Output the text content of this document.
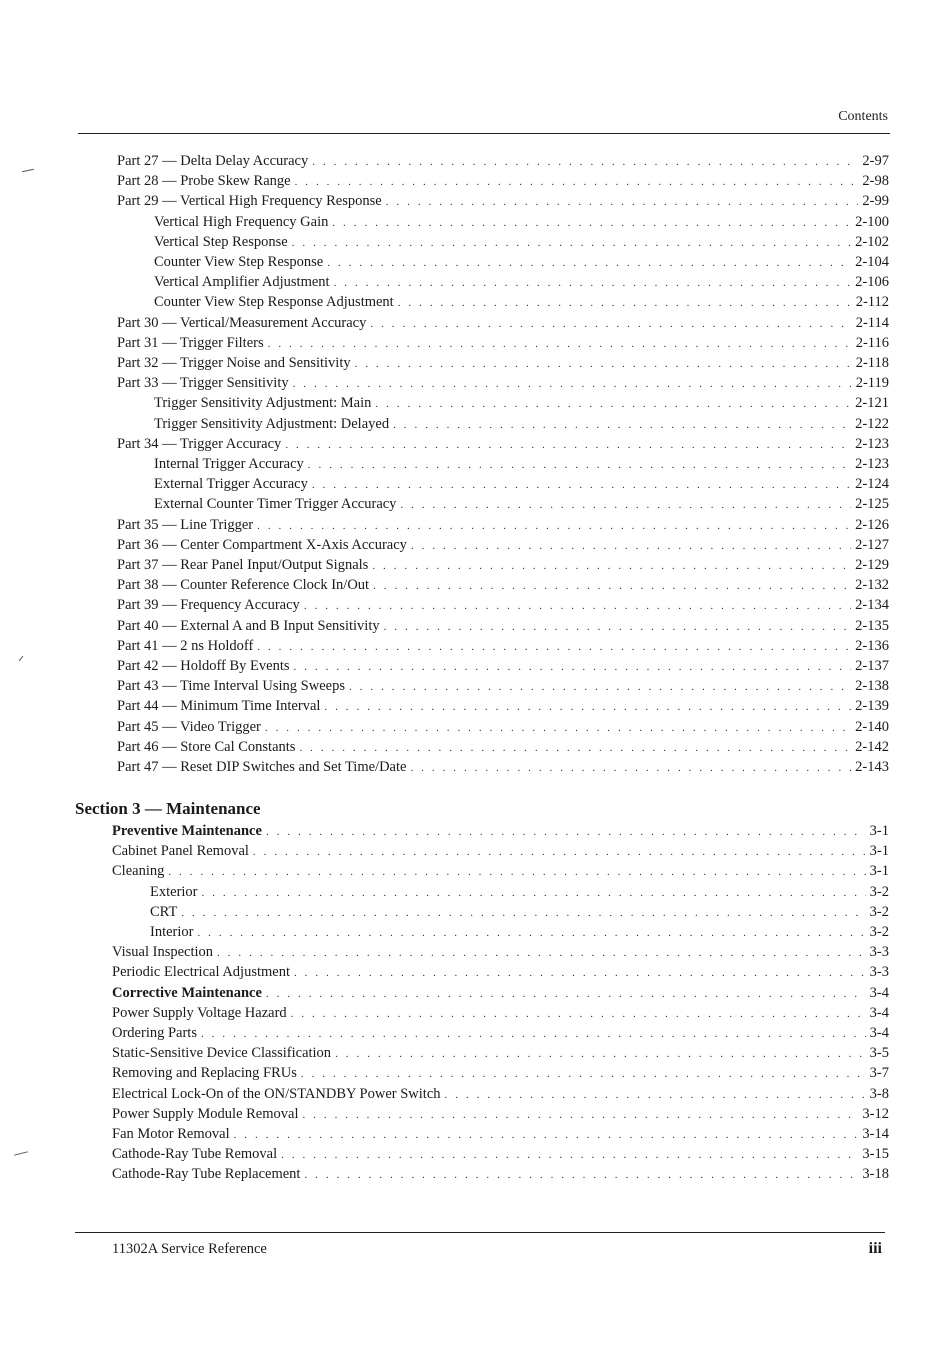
Contents
Part 27 — Delta Delay Accuracy . . .	2-97
Part 28 — Probe Skew Range . . .	2-98
Part 29 — Vertical High Frequency Response . . .	2-99
Vertical High Frequency Gain . . .	2-100
Vertical Step Response . . .	2-102
Counter View Step Response . . .	2-104
Vertical Amplifier Adjustment . . .	2-106
Counter View Step Response Adjustment . . .	2-112
Part 30 — Vertical/Measurement Accuracy . . .	2-114
Part 31 — Trigger Filters . . .	2-116
Part 32 — Trigger Noise and Sensitivity . . .	2-118
Part 33 — Trigger Sensitivity . . .	2-119
Trigger Sensitivity Adjustment: Main . . .	2-121
Trigger Sensitivity Adjustment: Delayed . . .	2-122
Part 34 — Trigger Accuracy . . .	2-123
Internal Trigger Accuracy . . .	2-123
External Trigger Accuracy . . .	2-124
External Counter Timer Trigger Accuracy . . .	2-125
Part 35 — Line Trigger . . .	2-126
Part 36 — Center Compartment X-Axis Accuracy . . .	2-127
Part 37 — Rear Panel Input/Output Signals . . .	2-129
Part 38 — Counter Reference Clock In/Out . . .	2-132
Part 39 — Frequency Accuracy . . .	2-134
Part 40 — External A and B Input Sensitivity . . .	2-135
Part 41 — 2 ns Holdoff . . .	2-136
Part 42 — Holdoff By Events . . .	2-137
Part 43 — Time Interval Using Sweeps . . .	2-138
Part 44 — Minimum Time Interval . . .	2-139
Part 45 — Video Trigger . . .	2-140
Part 46 — Store Cal Constants . . .	2-142
Part 47 — Reset DIP Switches and Set Time/Date . . .	2-143
Section 3 — Maintenance
Preventive Maintenance . . .	3-1
Cabinet Panel Removal . . .	3-1
Cleaning . . .	3-1
Exterior . . .	3-2
CRT . . .	3-2
Interior . . .	3-2
Visual Inspection . . .	3-3
Periodic Electrical Adjustment . . .	3-3
Corrective Maintenance . . .	3-4
Power Supply Voltage Hazard . . .	3-4
Ordering Parts . . .	3-4
Static-Sensitive Device Classification . . .	3-5
Removing and Replacing FRUs . . .	3-7
Electrical Lock-On of the ON/STANDBY Power Switch . . .	3-8
Power Supply Module Removal . . .	3-12
Fan Motor Removal . . .	3-14
Cathode-Ray Tube Removal . . .	3-15
Cathode-Ray Tube Replacement . . .	3-18
11302A Service Reference	iii
